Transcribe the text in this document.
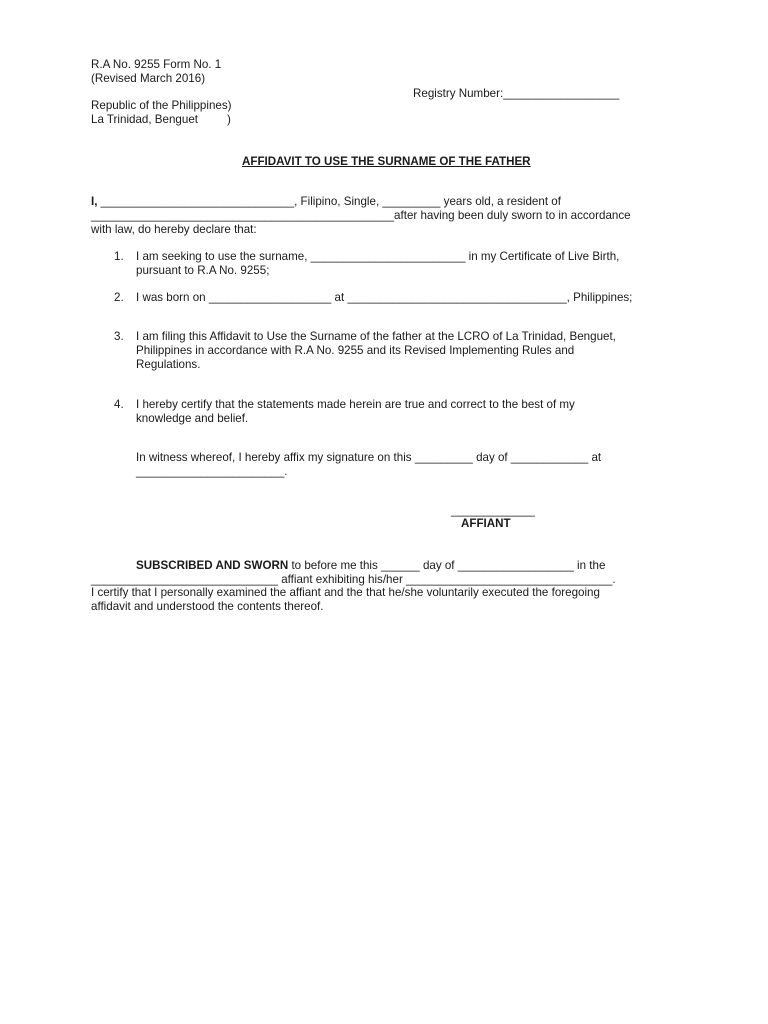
R.A No. 9255 Form No. 1
(Revised March 2016)
Registry Number:__________________
Republic of the Philippines)
La Trinidad, Benguet         )
AFFIDAVIT TO USE THE SURNAME OF THE FATHER
I, ______________________________, Filipino, Single, _________ years old, a resident of
_______________________________________________after having been duly sworn to in accordance
with law, do hereby declare that:
1. I am seeking to use the surname, ________________________ in my Certificate of Live Birth,
pursuant to R.A No. 9255;
2. I was born on ___________________ at __________________________________, Philippines;
3. I am filing this Affidavit to Use the Surname of the father at the LCRO of La Trinidad, Benguet,
Philippines in accordance with R.A No. 9255 and its Revised Implementing Rules and
Regulations.
4. I hereby certify that the statements made herein are true and correct to the best of my
knowledge and belief.
In witness whereof, I hereby affix my signature on this _________ day of ____________ at
_______________________.
_____________
AFFIANT
SUBSCRIBED AND SWORN to before me this ______ day of __________________ in the
_____________________________ affiant exhibiting his/her ________________________________.
I certify that I personally examined the affiant and the that he/she voluntarily executed the foregoing
affidavit and understood the contents thereof.
